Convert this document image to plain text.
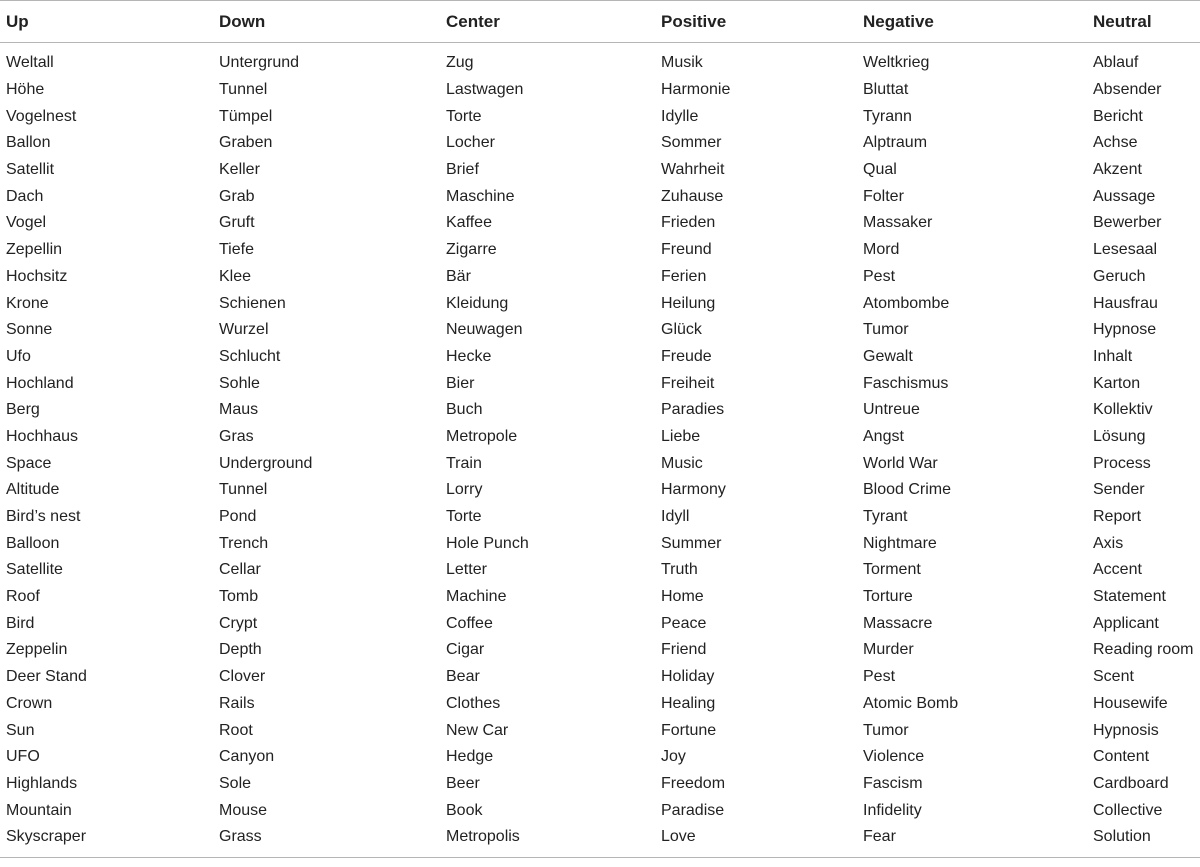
Up	Down	Center	Positive	Negative	Neutral
Weltall	Untergrund	Zug	Musik	Weltkrieg	Ablauf
Höhe	Tunnel	Lastwagen	Harmonie	Bluttat	Absender
Vogelnest	Tümpel	Torte	Idylle	Tyrann	Bericht
Ballon	Graben	Locher	Sommer	Alptraum	Achse
Satellit	Keller	Brief	Wahrheit	Qual	Akzent
Dach	Grab	Maschine	Zuhause	Folter	Aussage
Vogel	Gruft	Kaffee	Frieden	Massaker	Bewerber
Zepellin	Tiefe	Zigarre	Freund	Mord	Lesesaal
Hochsitz	Klee	Bär	Ferien	Pest	Geruch
Krone	Schienen	Kleidung	Heilung	Atombombe	Hausfrau
Sonne	Wurzel	Neuwagen	Glück	Tumor	Hypnose
Ufo	Schlucht	Hecke	Freude	Gewalt	Inhalt
Hochland	Sohle	Bier	Freiheit	Faschismus	Karton
Berg	Maus	Buch	Paradies	Untreue	Kollektiv
Hochhaus	Gras	Metropole	Liebe	Angst	Lösung
Space	Underground	Train	Music	World War	Process
Altitude	Tunnel	Lorry	Harmony	Blood Crime	Sender
Bird’s nest	Pond	Torte	Idyll	Tyrant	Report
Balloon	Trench	Hole Punch	Summer	Nightmare	Axis
Satellite	Cellar	Letter	Truth	Torment	Accent
Roof	Tomb	Machine	Home	Torture	Statement
Bird	Crypt	Coffee	Peace	Massacre	Applicant
Zeppelin	Depth	Cigar	Friend	Murder	Reading room
Deer Stand	Clover	Bear	Holiday	Pest	Scent
Crown	Rails	Clothes	Healing	Atomic Bomb	Housewife
Sun	Root	New Car	Fortune	Tumor	Hypnosis
UFO	Canyon	Hedge	Joy	Violence	Content
Highlands	Sole	Beer	Freedom	Fascism	Cardboard
Mountain	Mouse	Book	Paradise	Infidelity	Collective
Skyscraper	Grass	Metropolis	Love	Fear	Solution
